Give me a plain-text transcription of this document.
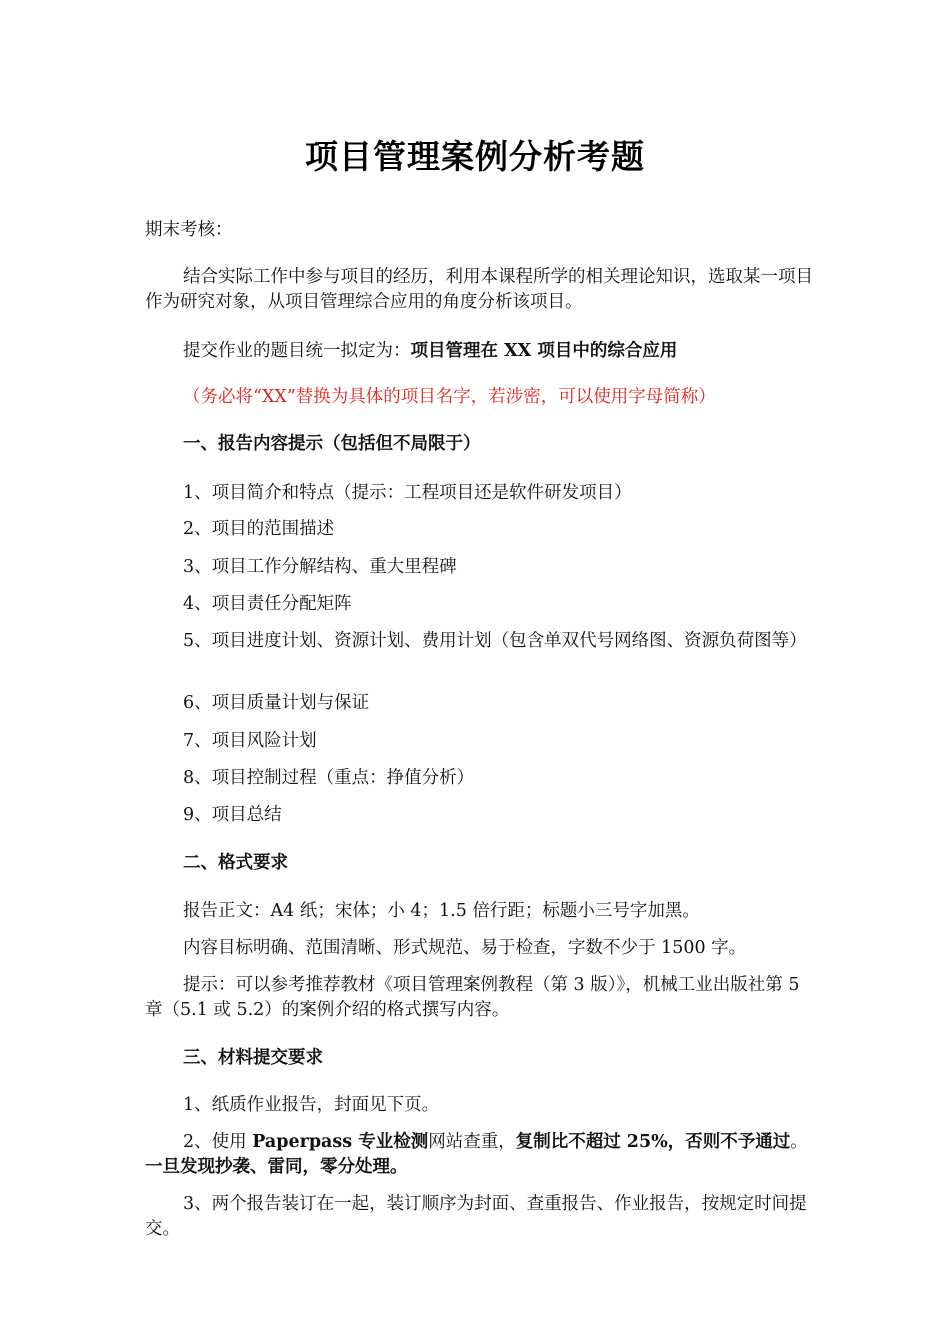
项目管理案例分析考题
期末考核：
结合实际工作中参与项目的经历，利用本课程所学的相关理论知识，选取某一项目作为研究对象，从项目管理综合应用的角度分析该项目。
提交作业的题目统一拟定为：项目管理在 XX 项目中的综合应用
（务必将“XX”替换为具体的项目名字，若涉密，可以使用字母简称）
一、报告内容提示（包括但不局限于）
1、项目简介和特点（提示：工程项目还是软件研发项目）
2、项目的范围描述
3、项目工作分解结构、重大里程碑
4、项目责任分配矩阵
5、项目进度计划、资源计划、费用计划（包含单双代号网络图、资源负荷图等）
6、项目质量计划与保证
7、项目风险计划
8、项目控制过程（重点：挣值分析）
9、项目总结
二、格式要求
报告正文：A4 纸；宋体；小 4；1.5 倍行距；标题小三号字加黑。
内容目标明确、范围清晰、形式规范、易于检查，字数不少于 1500 字。
提示：可以参考推荐教材《项目管理案例教程（第 3 版）》，机械工业出版社第 5 章（5.1 或 5.2）的案例介绍的格式撰写内容。
三、材料提交要求
1、纸质作业报告，封面见下页。
2、使用 Paperpass 专业检测网站查重，复制比不超过 25%，否则不予通过。一旦发现抄袭、雷同，零分处理。
3、两个报告装订在一起，装订顺序为封面、查重报告、作业报告，按规定时间提交。
